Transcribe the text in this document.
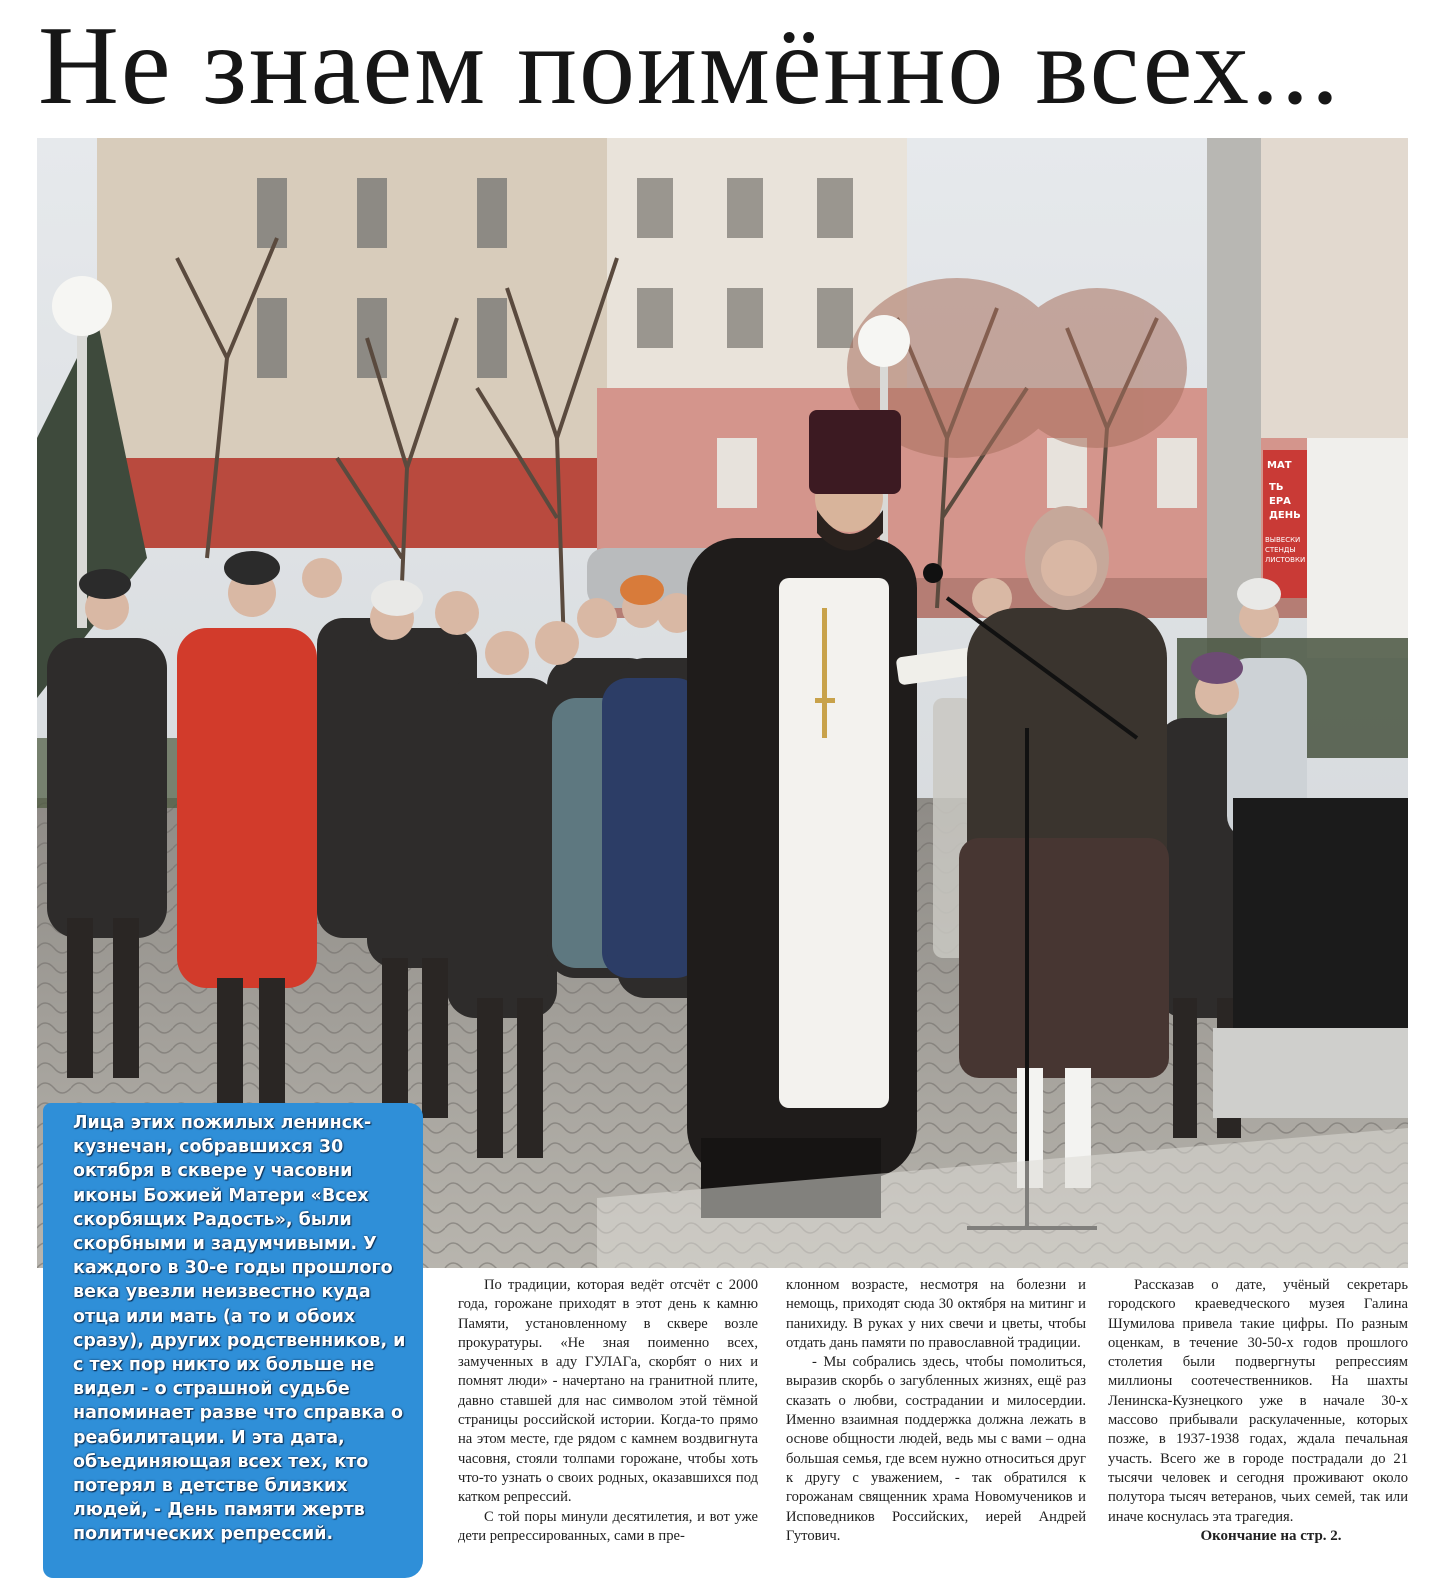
Не знаем поимённо всех...
МАТ
ТЬ
ЕРА
ДЕНЬ
ВЫВЕСКИ
СТЕНДЫ
ЛИСТОВКИ

Лица этих пожилых ленинск-кузнечан, собравшихся 30 октября в сквере у часовни иконы Божией Матери «Всех скорбящих Радость», были скорбными и задумчивыми. У каждого в 30-е годы прошлого века увезли неизвестно куда отца или мать (а то и обоих сразу), других родственников, и с тех пор никто их больше не видел - о страшной судьбе напоминает разве что справка о реабилитации. И эта дата, объединяющая всех тех, кто потерял в детстве близких людей, - День памяти жертв политических репрессий.

По традиции, которая ведёт отсчёт с 2000 года, горожане приходят в этот день к камню Памяти, установленному в сквере возле прокуратуры. «Не зная поименно всех, замученных в аду ГУЛАГа, скорбят о них и помнят люди» - начертано на гранитной плите, давно ставшей для нас символом этой тёмной страницы российской истории. Когда-то прямо на этом месте, где рядом с камнем воздвигнута часовня, стояли толпами горожане, чтобы хоть что-то узнать о своих родных, оказавшихся под катком репрессий.

С той поры минули десятилетия, и вот уже дети репрессированных, сами в пре-

клонном возрасте, несмотря на болезни и немощь, приходят сюда 30 октября на митинг и панихиду. В руках у них свечи и цветы, чтобы отдать дань памяти по православной традиции.

- Мы собрались здесь, чтобы помолиться, выразив скорбь о загубленных жизнях, ещё раз сказать о любви, сострадании и милосердии. Именно взаимная поддержка должна лежать в основе общности людей, ведь мы с вами – одна большая семья, где всем нужно относиться друг к другу с уважением, - так обратился к горожанам священник храма Новомучеников и Исповедников Российских, иерей Андрей Гутович.

Рассказав о дате, учёный секретарь городского краеведческого музея Галина Шумилова привела такие цифры. По разным оценкам, в течение 30-50-х годов прошлого столетия были подвергнуты репрессиям миллионы соотечественников. На шахты Ленинска-Кузнецкого уже в начале 30-х массово прибывали раскулаченные, которых позже, в 1937-1938 годах, ждала печальная участь. Всего же в городе пострадали до 21 тысячи человек и сегодня проживают около полутора тысяч ветеранов, чьих семей, так или иначе коснулась эта трагедия.

Окончание на стр. 2.
